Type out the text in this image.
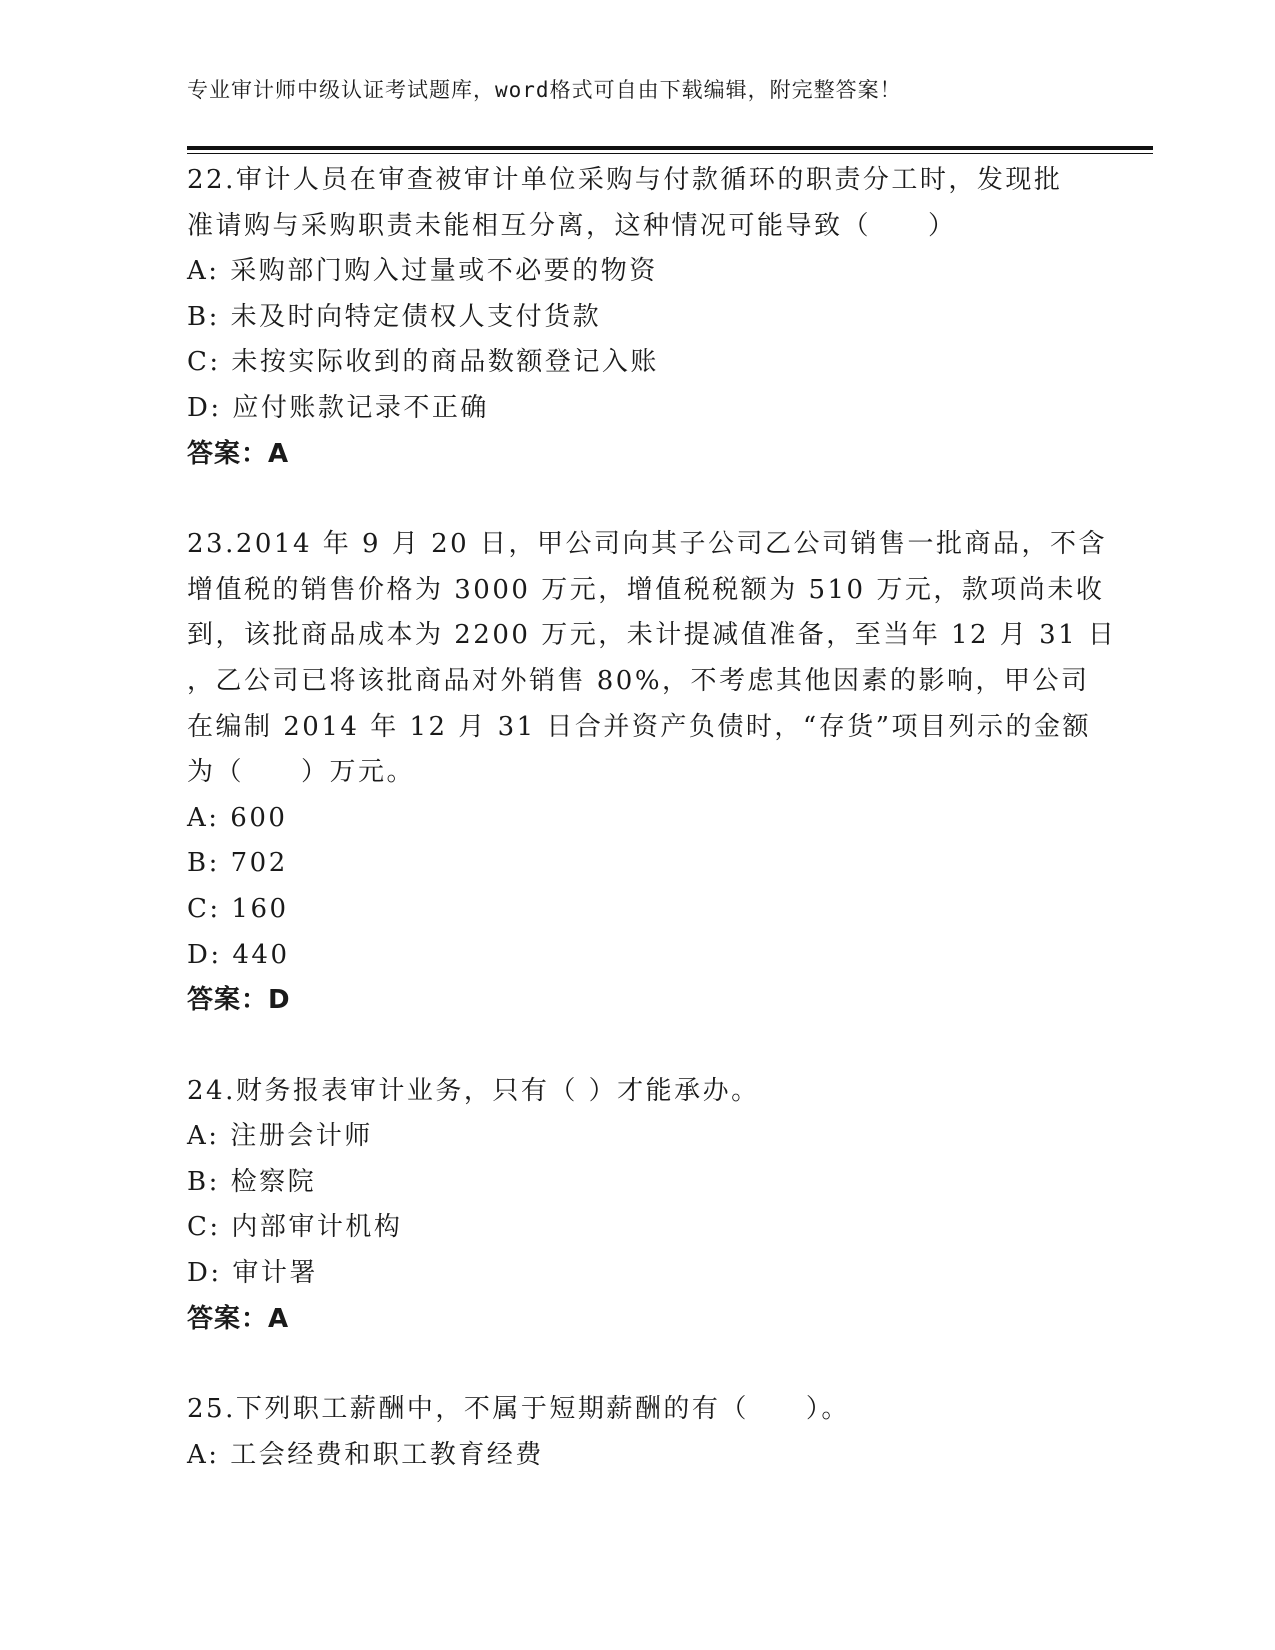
专业审计师中级认证考试题库，word格式可自由下载编辑，附完整答案！
22.审计人员在审查被审计单位采购与付款循环的职责分工时，发现批
准请购与采购职责未能相互分离，这种情况可能导致（　　）
A: 采购部门购入过量或不必要的物资
B: 未及时向特定债权人支付货款
C: 未按实际收到的商品数额登记入账
D: 应付账款记录不正确
答案：A
23.2014 年 9 月 20 日，甲公司向其子公司乙公司销售一批商品，不含
增值税的销售价格为 3000 万元，增值税税额为 510 万元，款项尚未收
到，该批商品成本为 2200 万元，未计提减值准备，至当年 12 月 31 日
，乙公司已将该批商品对外销售 80%，不考虑其他因素的影响，甲公司
在编制 2014 年 12 月 31 日合并资产负债时，“存货”项目列示的金额
为（　　）万元。
A: 600
B: 702
C: 160
D: 440
答案：D
24.财务报表审计业务，只有（ ）才能承办。
A: 注册会计师
B: 检察院
C: 内部审计机构
D: 审计署
答案：A
25.下列职工薪酬中，不属于短期薪酬的有（　　）。
A: 工会经费和职工教育经费
